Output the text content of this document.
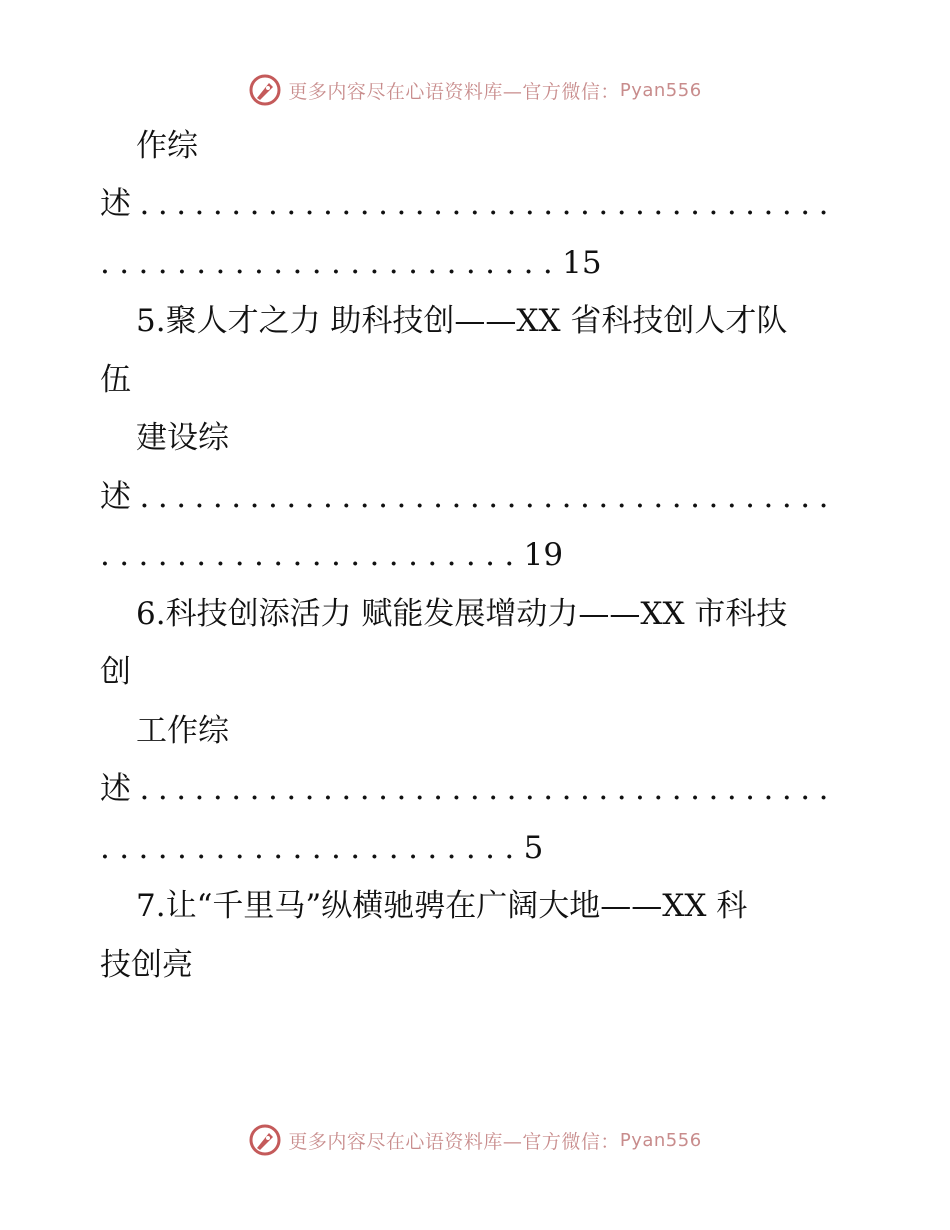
更多内容尽在心语资料库—官方微信： Pyan556
作综
述......................................
........................15
5.聚人才之力 助科技创——XX 省科技创人才队
伍
建设综
述......................................
......................19
6.科技创添活力 赋能发展增动力——XX 市科技
创
工作综
述......................................
......................5
7.让“千里马”纵横驰骋在广阔大地——XX 科
技创亮
更多内容尽在心语资料库—官方微信： Pyan556
